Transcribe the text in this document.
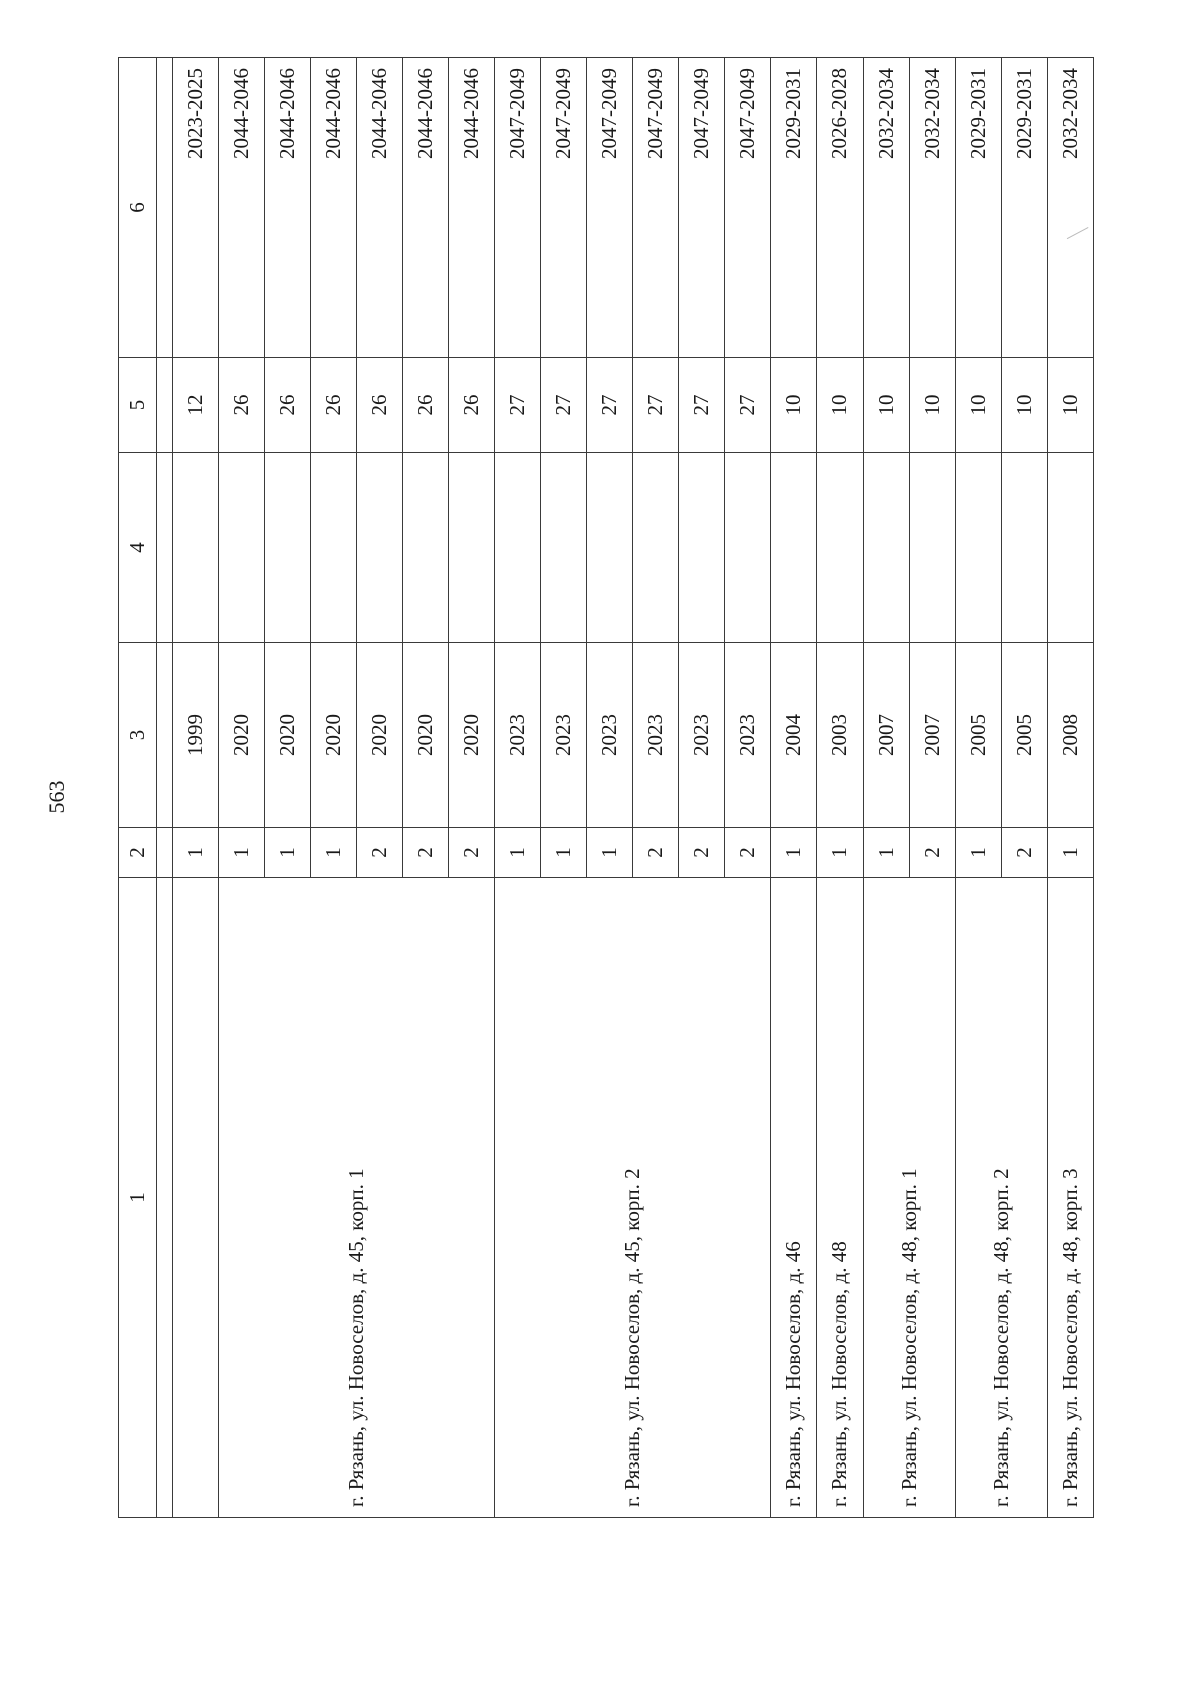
563
1	2	3	4	5	6

	1	1999		12	2023-2025
г. Рязань, ул. Новоселов, д. 45, корп. 1	1	2020		26	2044-2046
	1	2020		26	2044-2046
	1	2020		26	2044-2046
	2	2020		26	2044-2046
	2	2020		26	2044-2046
	2	2020		26	2044-2046
г. Рязань, ул. Новоселов, д. 45, корп. 2	1	2023		27	2047-2049
	1	2023		27	2047-2049
	1	2023		27	2047-2049
	2	2023		27	2047-2049
	2	2023		27	2047-2049
	2	2023		27	2047-2049
г. Рязань, ул. Новоселов, д. 46	1	2004		10	2029-2031
г. Рязань, ул. Новоселов, д. 48	1	2003		10	2026-2028
г. Рязань, ул. Новоселов, д. 48, корп. 1	1	2007		10	2032-2034
	2	2007		10	2032-2034
г. Рязань, ул. Новоселов, д. 48, корп. 2	1	2005		10	2029-2031
	2	2005		10	2029-2031
г. Рязань, ул. Новоселов, д. 48, корп. 3	1	2008		10	2032-2034
